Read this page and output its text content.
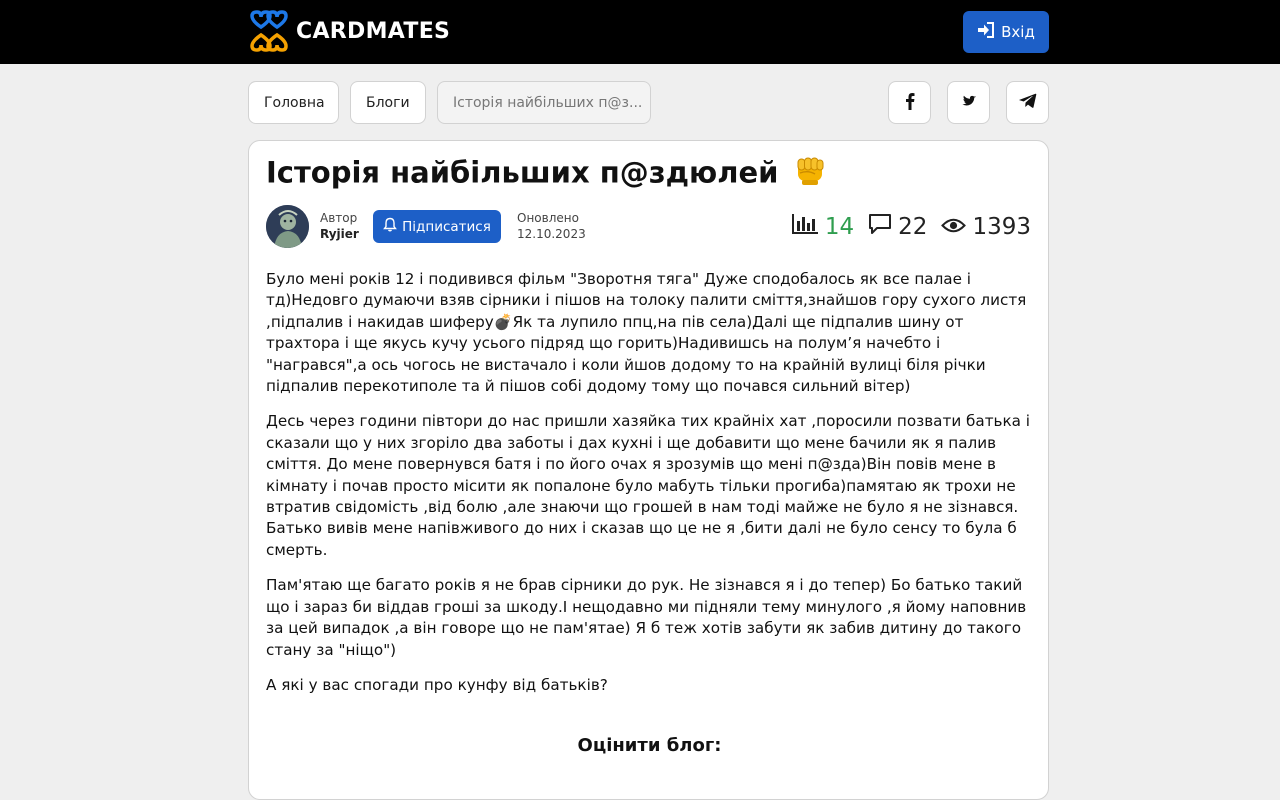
CARDMATES	Вхід
Головна	Блоги	Історія найбільших п@з...
Історія найбільших п@здюлей
Автор
Ryjier	Підписатися
Оновлено
12.10.2023	14 22 1393

Було мені років 12 і подивився фільм "Зворотня тяга" Дуже сподобалось як все палае і тд)Недовго думаючи взяв сірники і пішов на толоку палити сміття,знайшов гору сухого листя ,підпалив і накидав шиферу💣Як та лупило ппц,на пів села)Далі ще підпалив шину от трахтора і ще якусь кучу усього підряд що горить)Надивишсь на полум’я начебто і "награвся",а ось чогось не вистачало і коли йшов додому то на крайній вулиці біля річки підпалив перекотиполе та й пішов собі додому тому що почався сильний вітер)

Десь через години півтори до нас пришли хазяйка тих крайніх хат ,поросили позвати батька і сказали що у них згоріло два заботы і дах кухні і ще добавити що мене бачили як я палив сміття. До мене повернувся батя і по його очах я зрозумів що мені п@зда)Він повів мене в кімнату і почав просто місити як попалоне було мабуть тільки прогиба)памятаю як трохи не втратив свідомість ,від болю ,але знаючи що грошей в нам тоді майже не було я не зізнався. Батько вивів мене напівживого до них і сказав що це не я ,бити далі не було сенсу то була б смерть.

Пам'ятаю ще багато років я не брав сірники до рук. Не зізнався я і до тепер) Бо батько такий що і зараз би віддав гроші за шкоду.І нещодавно ми підняли тему минулого ,я йому наповнив за цей випадок ,а він говоре що не пам'ятае) Я б теж хотів забути як забив дитину до такого стану за "ніщо")

А які у вас спогади про кунфу від батьків?

Оцінити блог:
